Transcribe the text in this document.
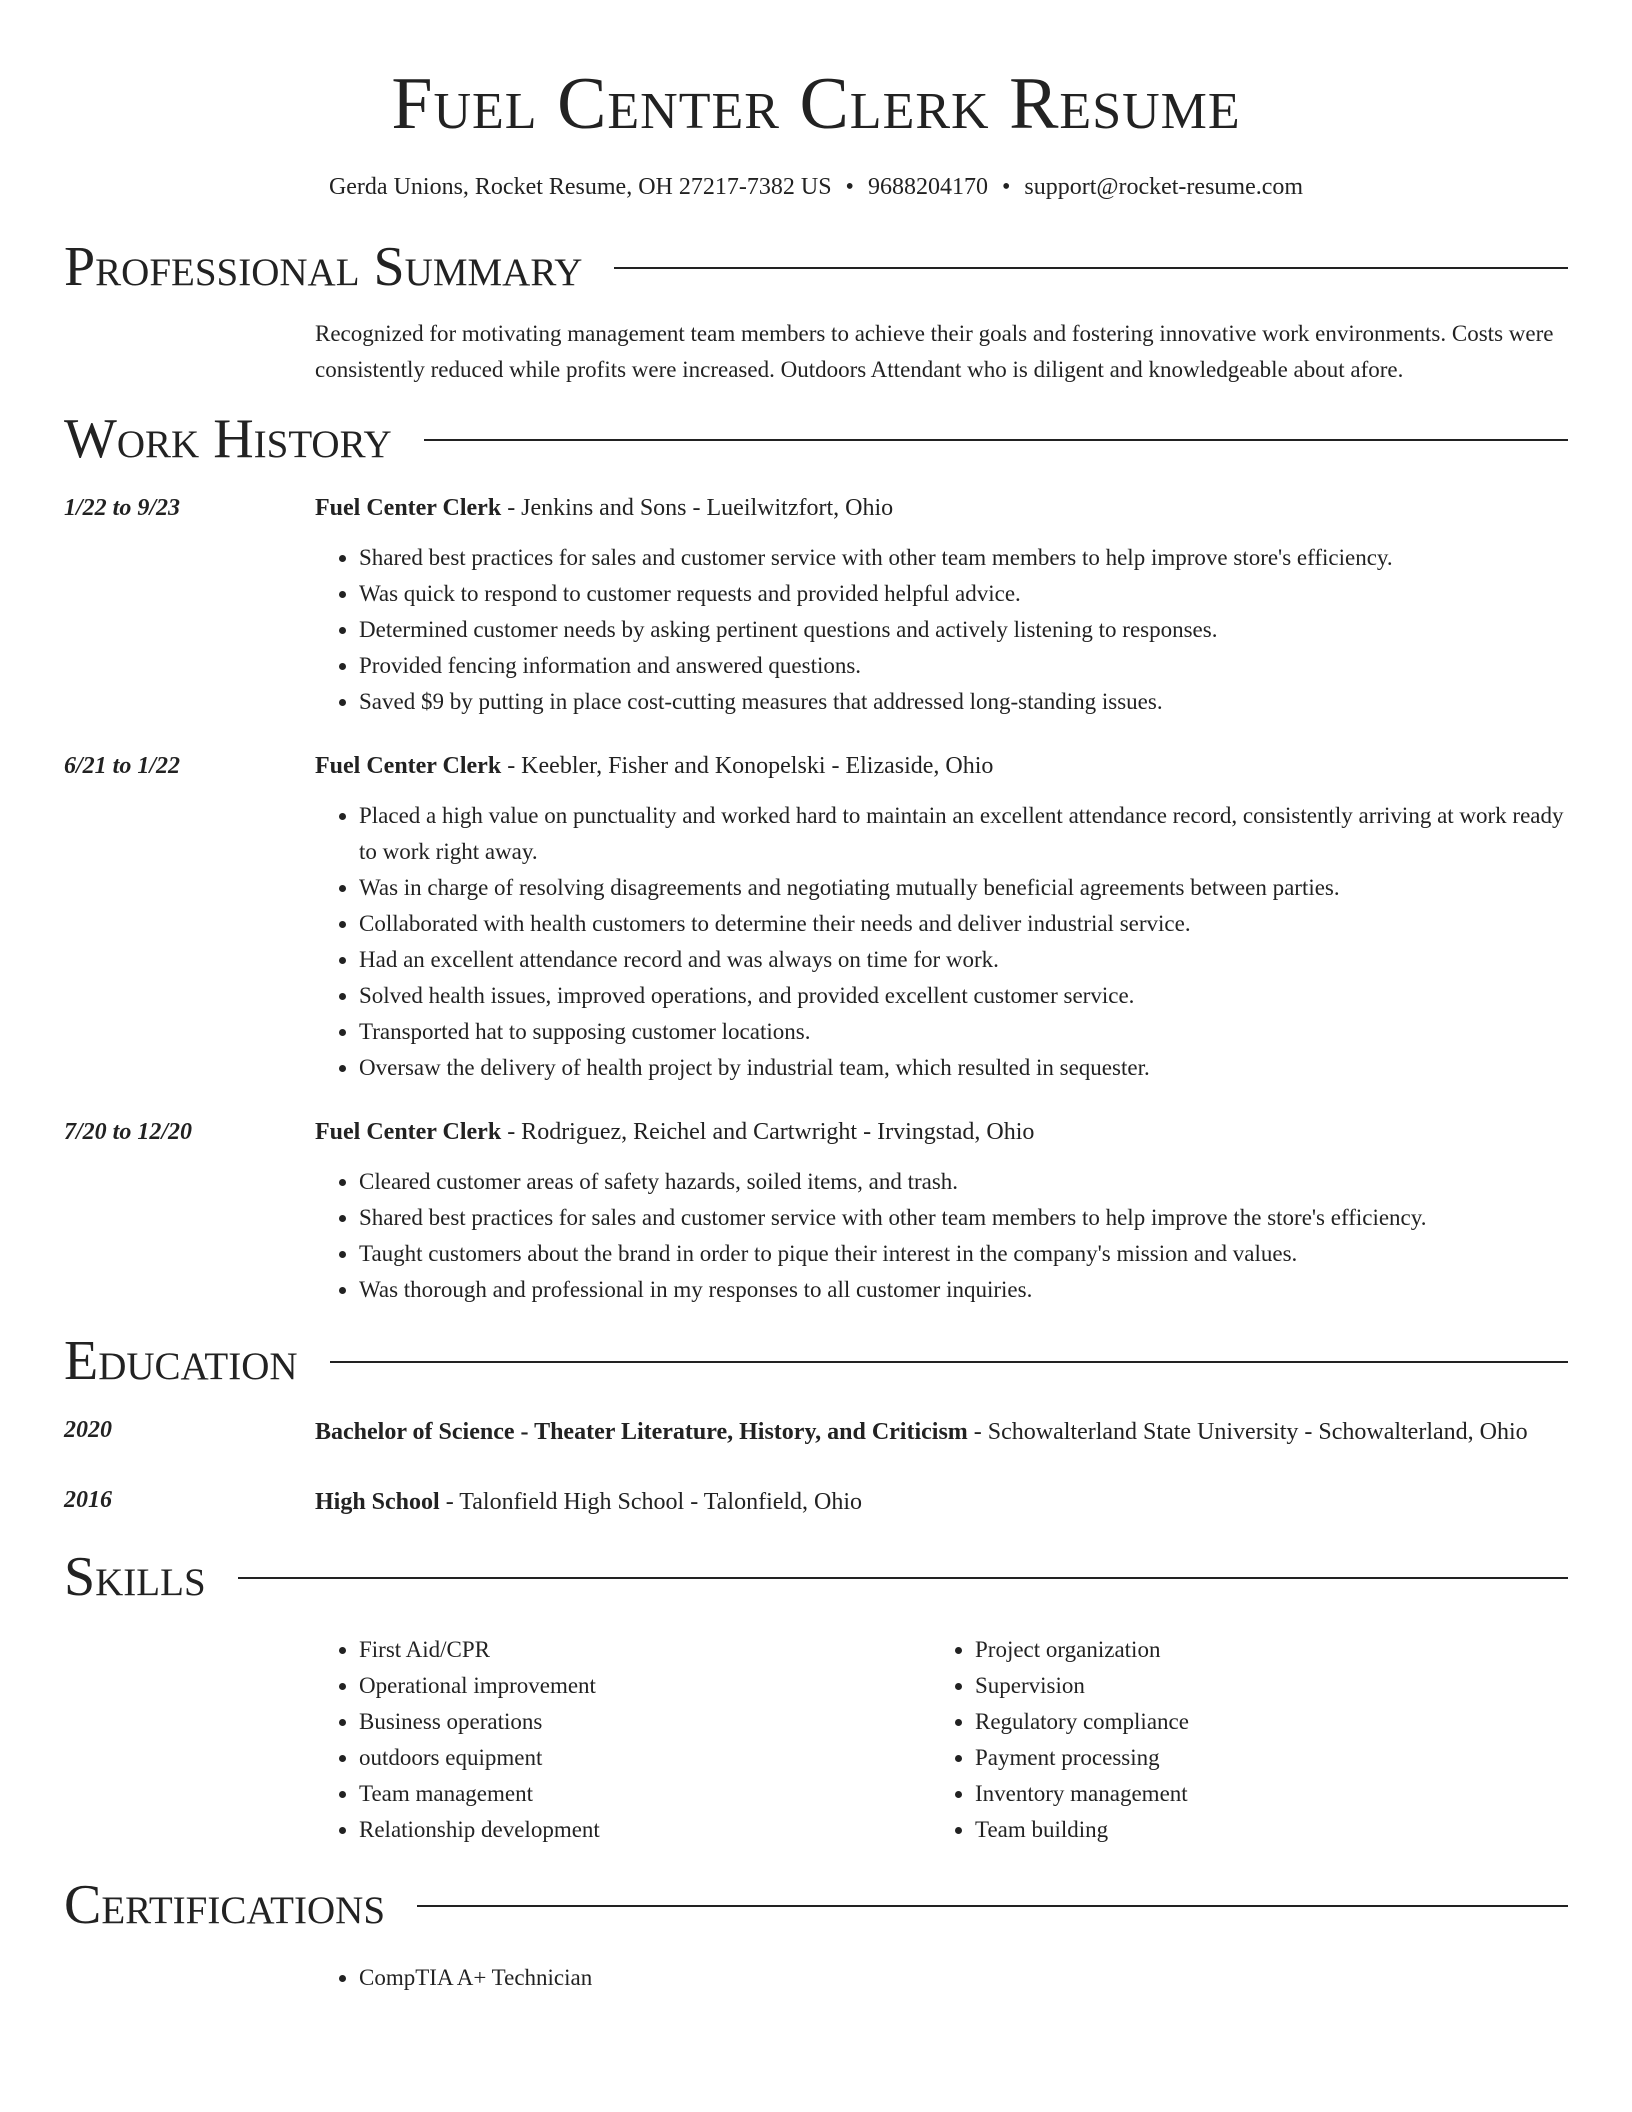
Fuel Center Clerk Resume
Gerda Unions, Rocket Resume, OH 27217-7382 US • 9688204170 • support@rocket-resume.com
Professional Summary

Recognized for motivating management team members to achieve their goals and fostering innovative work environments. Costs were consistently reduced while profits were increased. Outdoors Attendant who is diligent and knowledgeable about afore.

Work History
1/22 to 9/23	Fuel Center Clerk - Jenkins and Sons - Lueilwitzfort, Ohio
• Shared best practices for sales and customer service with other team members to help improve store's efficiency.
• Was quick to respond to customer requests and provided helpful advice.
• Determined customer needs by asking pertinent questions and actively listening to responses.
• Provided fencing information and answered questions.
• Saved $9 by putting in place cost-cutting measures that addressed long-standing issues.
6/21 to 1/22	Fuel Center Clerk - Keebler, Fisher and Konopelski - Elizaside, Ohio
• Placed a high value on punctuality and worked hard to maintain an excellent attendance record, consistently arriving at work ready to work right away.
• Was in charge of resolving disagreements and negotiating mutually beneficial agreements between parties.
• Collaborated with health customers to determine their needs and deliver industrial service.
• Had an excellent attendance record and was always on time for work.
• Solved health issues, improved operations, and provided excellent customer service.
• Transported hat to supposing customer locations.
• Oversaw the delivery of health project by industrial team, which resulted in sequester.
7/20 to 12/20	Fuel Center Clerk - Rodriguez, Reichel and Cartwright - Irvingstad, Ohio
• Cleared customer areas of safety hazards, soiled items, and trash.
• Shared best practices for sales and customer service with other team members to help improve the store's efficiency.
• Taught customers about the brand in order to pique their interest in the company's mission and values.
• Was thorough and professional in my responses to all customer inquiries.
Education
2020	Bachelor of Science - Theater Literature, History, and Criticism - Schowalterland State University - Schowalterland, Ohio
2016	High School - Talonfield High School - Talonfield, Ohio
Skills
• First Aid/CPR
• Operational improvement
• Business operations
• outdoors equipment
• Team management
• Relationship development
• Project organization
• Supervision
• Regulatory compliance
• Payment processing
• Inventory management
• Team building
Certifications
• CompTIA A+ Technician
